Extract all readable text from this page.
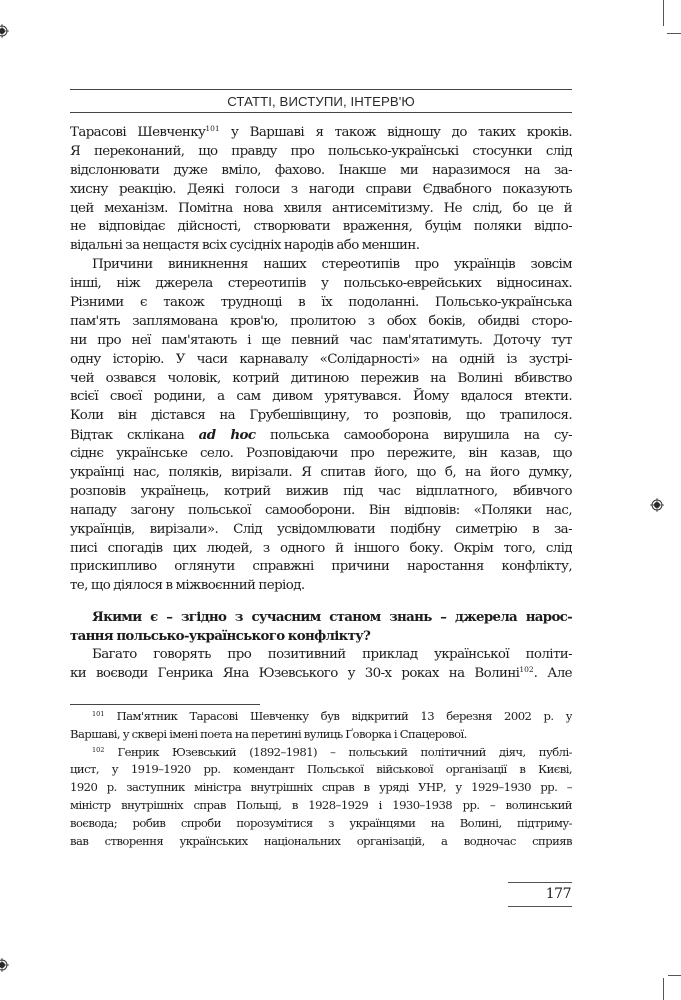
СТАТТІ, ВИСТУПИ, ІНТЕРВ'Ю
Тарасові Шевченку$^{101}$ у Варшаві я також відношу до таких кроків.
Я переконаний, що правду про польсько-українські стосунки слід
відслонювати дуже вміло, фахово. Інакше ми наразимося на за-
хисну реакцію. Деякі голоси з нагоди справи Єдвабного показують
цей механізм. Помітна нова хвиля антисемітизму. Не слід, бо це й
не відповідає дійсності, створювати враження, буцім поляки відпо-
відальні за нещастя всіх сусідніх народів або меншин.
Причини виникнення наших стереотипів про українців зовсім
інші, ніж джерела стереотипів у польсько-еврейських відносинах.
Різними є також труднощі в їх подоланні. Польсько-українська
пам'ять заплямована кров'ю, пролитою з обох боків, обидві сторо-
ни про неї пам'ятають і ще певний час пам'ятатимуть. Доточу тут
одну історію. У часи карнавалу «Солідарності» на одній із зустрі-
чей озвався чоловік, котрий дитиною пережив на Волині вбивство
всієї своєї родини, а сам дивом урятувався. Йому вдалося втекти.
Коли він дістався на Грубешівщину, то розповів, що трапилося.
Відтак склікана ad hoc польська самооборона вирушила на су-
сіднє українське село. Розповідаючи про пережите, він казав, що
українці нас, поляків, вирізали. Я спитав його, що б, на його думку,
розповів українець, котрий вижив під час відплатного, вбивчого
нападу загону польської самооборони. Він відповів: «Поляки нас,
українців, вирізали». Слід усвідомлювати подібну симетрію в за-
писі спогадів цих людей, з одного й іншого боку. Окрім того, слід
прискипливо оглянути справжні причини наростання конфлікту,
те, що діялося в міжвоєнний період.
Якими є – згідно з сучасним станом знань – джерела нарос-
тання польсько-українського конфлікту?
Багато говорять про позитивний приклад української політи-
ки воєводи Генрика Яна Юзевського у 30-х роках на Волині$^{102}$. Але
$^{101}$ Пам'ятник Тарасові Шевченку був відкритий 13 березня 2002 р. у
Варшаві, у сквері імені поета на перетині вулиць Ґоворка і Спацерової.
$^{102}$ Генрик Юзевський (1892–1981) – польський політичний діяч, публі-
цист, у 1919–1920 рр. комендант Польської військової організації в Києві,
1920 р. заступник міністра внутрішніх справ в уряді УНР, у 1929–1930 рр. –
міністр внутрішніх справ Польщі, в 1928–1929 і 1930–1938 рр. – волинський
воєвода; робив спроби порозумітися з українцями на Волині, підтриму-
вав створення українських національних організацій, а водночас сприяв
177
